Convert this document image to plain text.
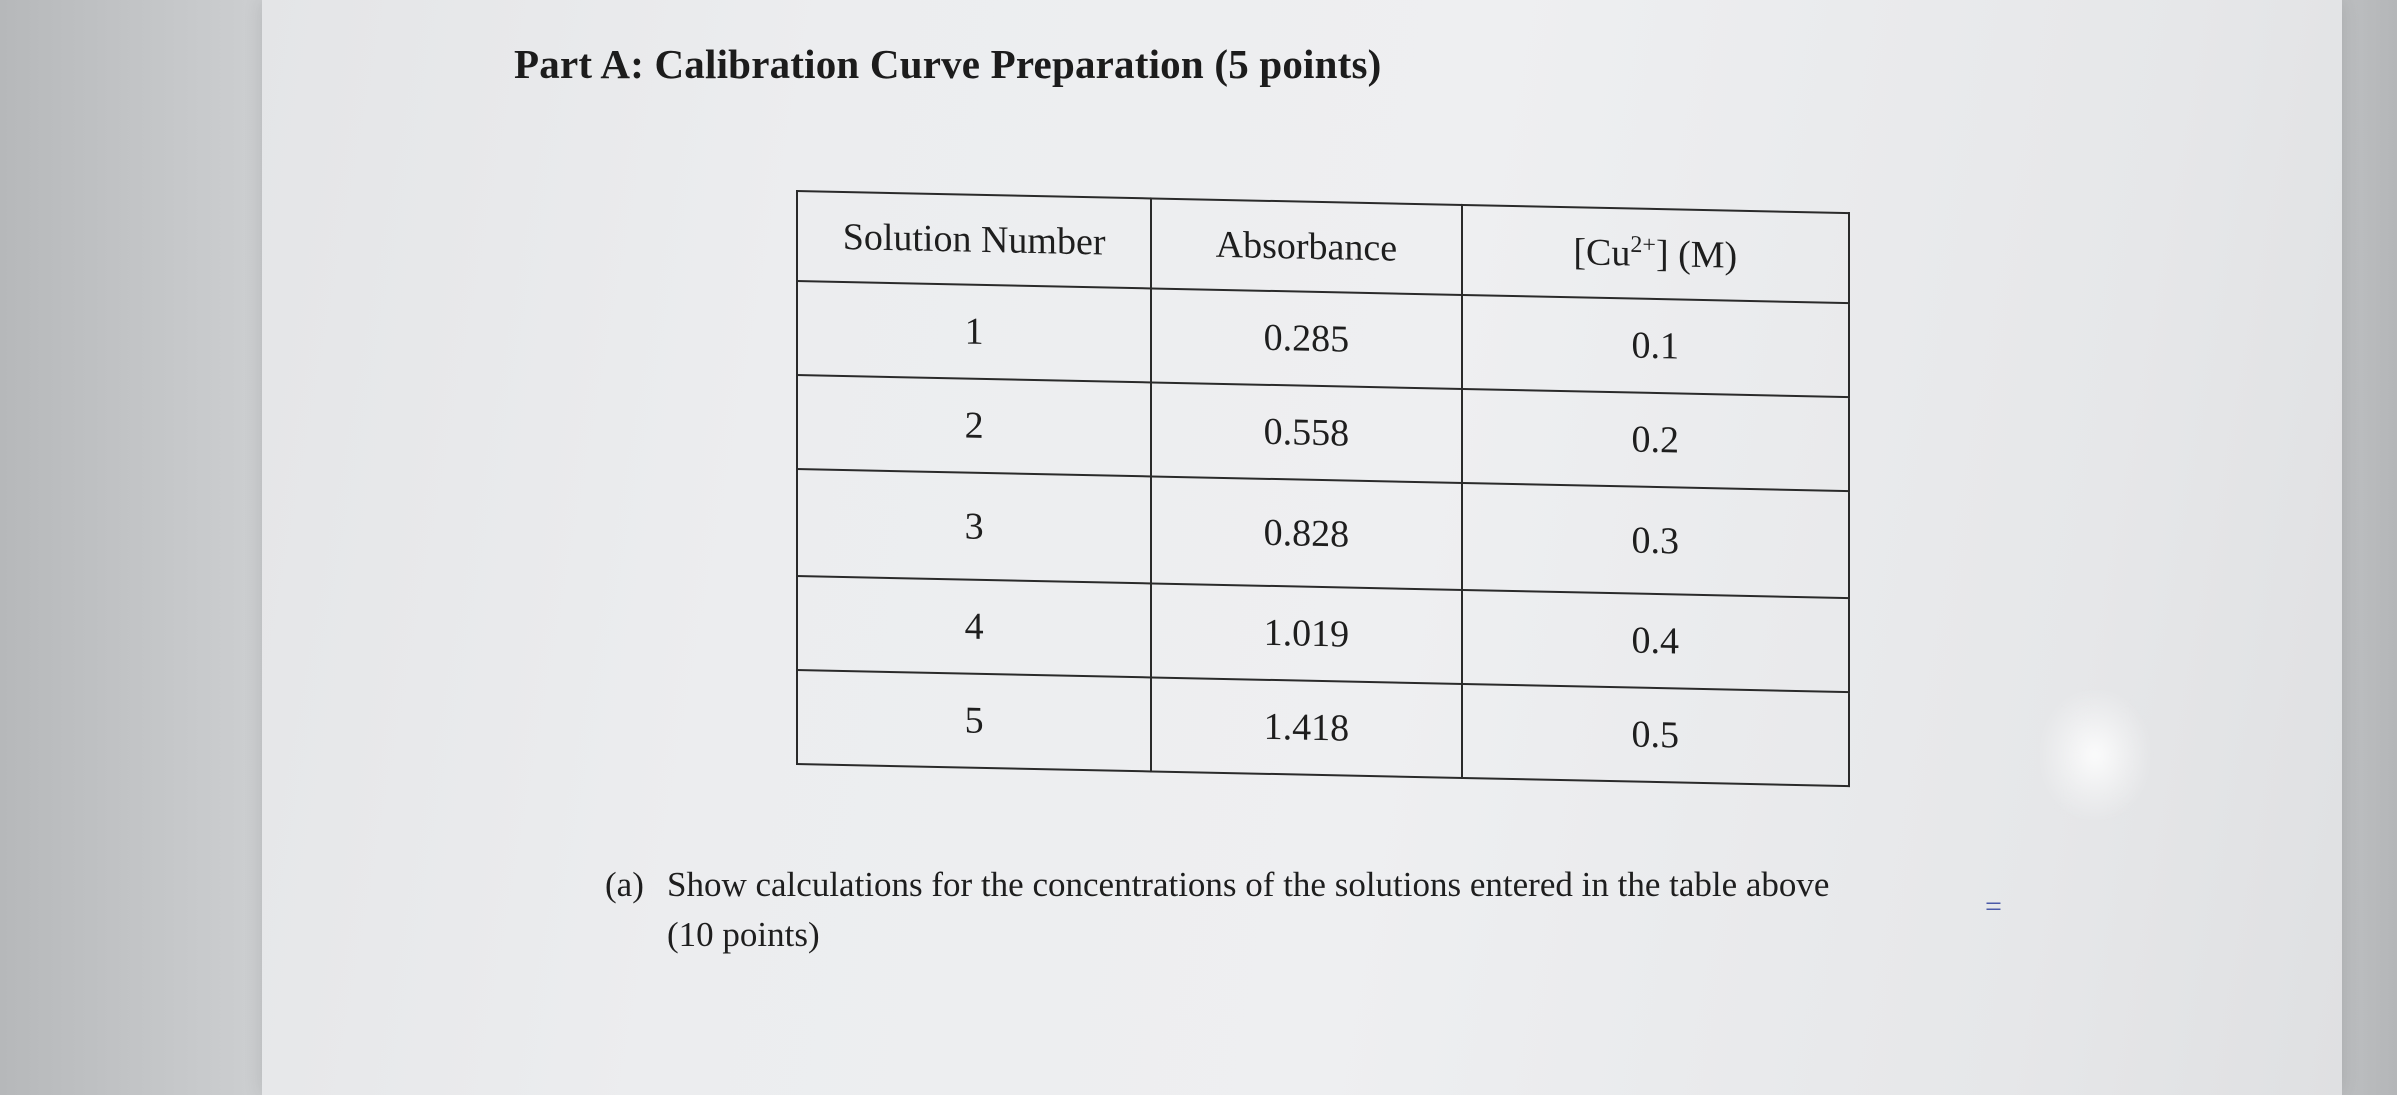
Part A: Calibration Curve Preparation (5 points)
Solution Number	Absorbance	$[Cu^{2+}]$ (M)
1	0.285	0.1
2	0.558	0.2
3	0.828	0.3
4	1.019	0.4
5	1.418	0.5
(a) Show calculations for the concentrations of the solutions entered in the table above
(10 points)
=
